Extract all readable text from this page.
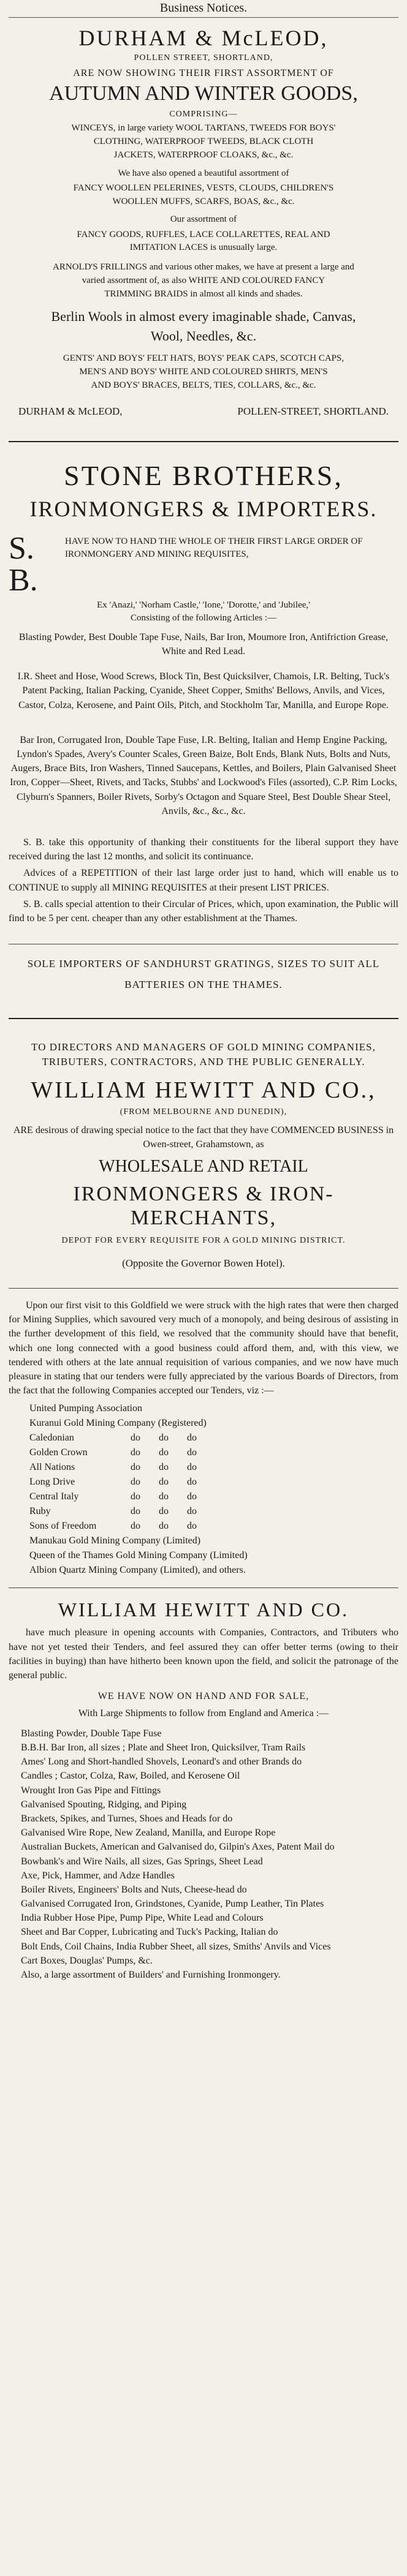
Business Notices.
DURHAM & McLEOD,
POLLEN STREET, SHORTLAND,
ARE NOW SHOWING THEIR FIRST ASSORTMENT OF
AUTUMN AND WINTER GOODS,
COMPRISING—
WINCEYS, in large variety WOOL TARTANS, TWEEDS FOR BOYS'
CLOTHING, WATERPROOF TWEEDS, BLACK CLOTH
JACKETS, WATERPROOF CLOAKS, &c., &c.
We have also opened a beautiful assortment of
FANCY WOOLLEN PELERINES, VESTS, CLOUDS, CHILDREN'S
WOOLLEN MUFFS, SCARFS, BOAS, &c., &c.
Our assortment of
FANCY GOODS, RUFFLES, LACE COLLARETTES, REAL AND
IMITATION LACES is unusually large.
ARNOLD'S FRILLINGS and various other makes, we have at present a large and
varied assortment of, as also WHITE AND COLOURED FANCY
TRIMMING BRAIDS in almost all kinds and shades.
Berlin Wools in almost every imaginable shade, Canvas,
Wool, Needles, &c.
GENTS' AND BOYS' FELT HATS, BOYS' PEAK CAPS, SCOTCH CAPS,
MEN'S AND BOYS' WHITE AND COLOURED SHIRTS, MEN'S
AND BOYS' BRACES, BELTS, TIES, COLLARS, &c., &c.
DURHAM & McLEOD,	POLLEN-STREET, SHORTLAND.
STONE BROTHERS,
IRONMONGERS & IMPORTERS.
S. B.
HAVE NOW TO HAND THE WHOLE OF THEIR FIRST LARGE ORDER OF IRONMONGERY AND MINING REQUISITES,
Ex 'Anazi,' 'Norham Castle,' 'Ione,' 'Dorotte,' and 'Jubilee,'
Consisting of the following Articles :—
Blasting Powder, Best Double Tape Fuse, Nails, Bar Iron, Moumore Iron, Antifriction Grease, White and Red Lead.
I.R. Sheet and Hose, Wood Screws, Block Tin, Best Quicksilver, Chamois, I.R. Belting, Tuck's Patent Packing, Italian Packing, Cyanide, Sheet Copper, Smiths' Bellows, Anvils, and Vices, Castor, Colza, Kerosene, and Paint Oils, Pitch, and Stockholm Tar, Manilla, and Europe Rope.
Bar Iron, Corrugated Iron, Double Tape Fuse, I.R. Belting, Italian and Hemp Engine Packing, Lyndon's Spades, Avery's Counter Scales, Green Baize, Bolt Ends, Blank Nuts, Bolts and Nuts, Augers, Brace Bits, Iron Washers, Tinned Saucepans, Kettles, and Boilers, Plain Galvanised Sheet Iron, Copper—Sheet, Rivets, and Tacks, Stubbs' and Lockwood's Files (assorted), C.P. Rim Locks, Clyburn's Spanners, Boiler Rivets, Sorby's Octagon and Square Steel, Best Double Shear Steel, Anvils, &c., &c., &c.
S. B. take this opportunity of thanking their constituents for the liberal support they have received during the last 12 months, and solicit its continuance.
Advices of a REPETITION of their last large order just to hand, which will enable us to CONTINUE to supply all MINING REQUISITES at their present LIST PRICES.
S. B. calls special attention to their Circular of Prices, which, upon examination, the Public will find to be 5 per cent. cheaper than any other establishment at the Thames.
SOLE IMPORTERS OF SANDHURST GRATINGS, SIZES TO SUIT ALL
BATTERIES ON THE THAMES.
TO DIRECTORS AND MANAGERS OF GOLD MINING COMPANIES,
TRIBUTERS, CONTRACTORS, AND THE PUBLIC GENERALLY.
WILLIAM HEWITT AND CO.,
(FROM MELBOURNE AND DUNEDIN),
ARE desirous of drawing special notice to the fact that they have COMMENCED BUSINESS in Owen-street, Grahamstown, as
WHOLESALE AND RETAIL
IRONMONGERS & IRON-MERCHANTS,
DEPOT FOR EVERY REQUISITE FOR A GOLD MINING DISTRICT.
(Opposite the Governor Bowen Hotel).
Upon our first visit to this Goldfield we were struck with the high rates that were then charged for Mining Supplies, which savoured very much of a monopoly, and being desirous of assisting in the further development of this field, we resolved that the community should have that benefit, which one long connected with a good business could afford them, and, with this view, we tendered with others at the late annual requisition of various companies, and we now have much pleasure in stating that our tenders were fully appreciated by the various Boards of Directors, from the fact that the following Companies accepted our Tenders, viz :—
United Pumping Association
Kuranui Gold Mining Company (Registered)
Caledonian	do	do	do
Golden Crown	do	do	do
All Nations	do	do	do
Long Drive	do	do	do
Central Italy	do	do	do
Ruby	do	do	do
Sons of Freedom	do	do	do
Manukau Gold Mining Company (Limited)
Queen of the Thames Gold Mining Company (Limited)
Albion Quartz Mining Company (Limited), and others.
WILLIAM HEWITT AND CO.
have much pleasure in opening accounts with Companies, Contractors, and Tributers who have not yet tested their Tenders, and feel assured they can offer better terms (owing to their facilities in buying) than have hitherto been known upon the field, and solicit the patronage of the general public.
WE HAVE NOW ON HAND AND FOR SALE,
With Large Shipments to follow from England and America :—
Blasting Powder, Double Tape Fuse
B.B.H. Bar Iron, all sizes ; Plate and Sheet Iron, Quicksilver, Tram Rails
Ames' Long and Short-handled Shovels, Leonard's and other Brands do
Candles ; Castor, Colza, Raw, Boiled, and Kerosene Oil
Wrought Iron Gas Pipe and Fittings
Galvanised Spouting, Ridging, and Piping
Brackets, Spikes, and Turnes, Shoes and Heads for do
Galvanised Wire Rope, New Zealand, Manilla, and Europe Rope
Australian Buckets, American and Galvanised do, Gilpin's Axes, Patent Mail do
Bowbank's and Wire Nails, all sizes, Gas Springs, Sheet Lead
Axe, Pick, Hammer, and Adze Handles
Boiler Rivets, Engineers' Bolts and Nuts, Cheese-head do
Galvanised Corrugated Iron, Grindstones, Cyanide, Pump Leather, Tin Plates
India Rubber Hose Pipe, Pump Pipe, White Lead and Colours
Sheet and Bar Copper, Lubricating and Tuck's Packing, Italian do
Bolt Ends, Coil Chains, India Rubber Sheet, all sizes, Smiths' Anvils and Vices
Cart Boxes, Douglas' Pumps, &c.
Also, a large assortment of Builders' and Furnishing Ironmongery.
